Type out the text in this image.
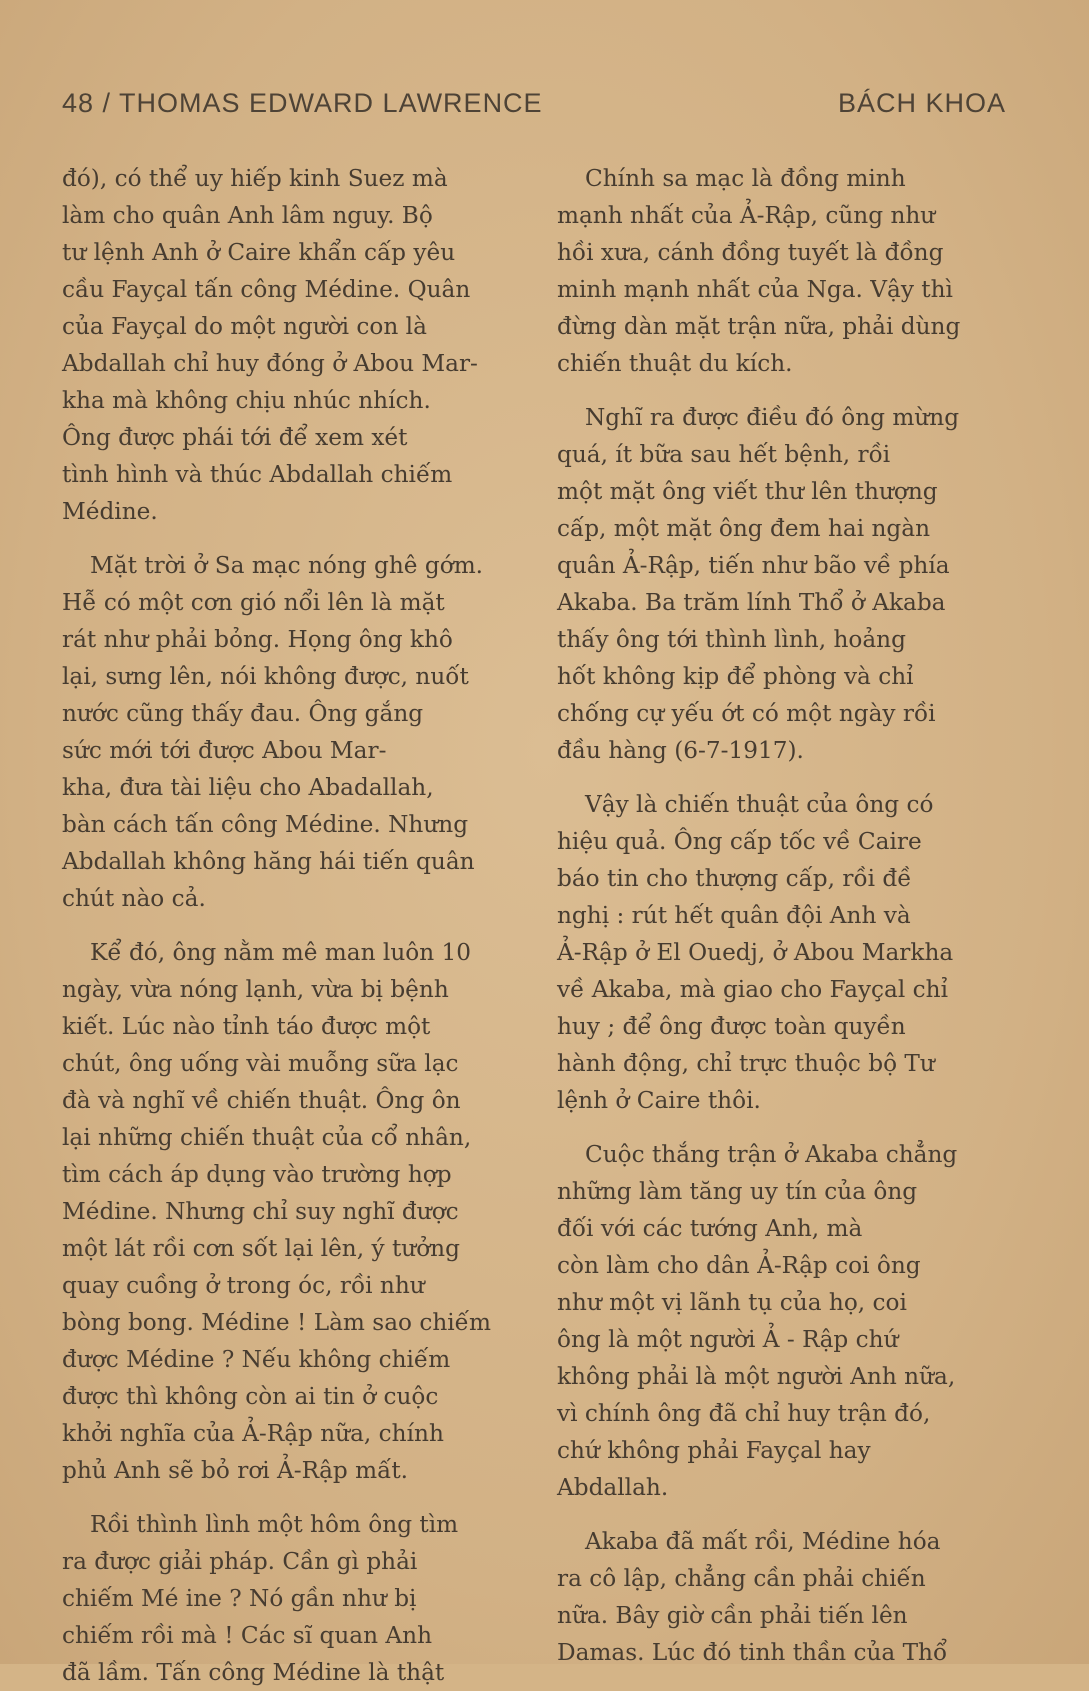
48 / THOMAS EDWARD LAWRENCE	BÁCH KHOA
đó), có thể uy hiếp kinh Suez mà
làm cho quân Anh lâm nguy. Bộ
tư lệnh Anh ở Caire khẩn cấp yêu
cầu Fayçal tấn công Médine. Quân
của Fayçal do một người con là
Abdallah chỉ huy đóng ở Abou Mar-
kha mà không chịu nhúc nhích.
Ông được phái tới để xem xét
tình hình và thúc Abdallah chiếm
Médine.
Mặt trời ở Sa mạc nóng ghê gớm.
Hễ có một cơn gió nổi lên là mặt
rát như phải bỏng. Họng ông khô
lại, sưng lên, nói không được, nuốt
nước cũng thấy đau. Ông gắng
sức mới tới được Abou Mar-
kha, đưa tài liệu cho Abadallah,
bàn cách tấn công Médine. Nhưng
Abdallah không hăng hái tiến quân
chút nào cả.
Kể đó, ông nằm mê man luôn 10
ngày, vừa nóng lạnh, vừa bị bệnh
kiết. Lúc nào tỉnh táo được một
chút, ông uống vài muỗng sữa lạc
đà và nghĩ về chiến thuật. Ông ôn
lại những chiến thuật của cổ nhân,
tìm cách áp dụng vào trường hợp
Médine. Nhưng chỉ suy nghĩ được
một lát rồi cơn sốt lại lên, ý tưởng
quay cuồng ở trong óc, rồi như
bòng bong. Médine ! Làm sao chiếm
được Médine ? Nếu không chiếm
được thì không còn ai tin ở cuộc
khởi nghĩa của Ả-Rập nữa, chính
phủ Anh sẽ bỏ rơi Ả-Rập mất.
Rồi thình lình một hôm ông tìm
ra được giải pháp. Cần gì phải
chiếm Mé ine ? Nó gần như bị
chiếm rồi mà ! Các sĩ quan Anh
đã lầm. Tấn công Médine là thật
Chính sa mạc là đồng minh
mạnh nhất của Ả-Rập, cũng như
hồi xưa, cánh đồng tuyết là đồng
minh mạnh nhất của Nga. Vậy thì
đừng dàn mặt trận nữa, phải dùng
chiến thuật du kích.
Nghĩ ra được điều đó ông mừng
quá, ít bữa sau hết bệnh, rồi
một mặt ông viết thư lên thượng
cấp, một mặt ông đem hai ngàn
quân Ả-Rập, tiến như bão về phía
Akaba. Ba trăm lính Thổ ở Akaba
thấy ông tới thình lình, hoảng
hốt không kịp để phòng và chỉ
chống cự yếu ớt có một ngày rồi
đầu hàng (6-7-1917).
Vậy là chiến thuật của ông có
hiệu quả. Ông cấp tốc về Caire
báo tin cho thượng cấp, rồi đề
nghị : rút hết quân đội Anh và
Ả-Rập ở El Ouedj, ở Abou Markha
về Akaba, mà giao cho Fayçal chỉ
huy ; để ông được toàn quyền
hành động, chỉ trực thuộc bộ Tư
lệnh ở Caire thôi.
Cuộc thắng trận ở Akaba chẳng
những làm tăng uy tín của ông
đối với các tướng Anh, mà
còn làm cho dân Ả-Rập coi ông
như một vị lãnh tụ của họ, coi
ông là một người Ả - Rập chứ
không phải là một người Anh nữa,
vì chính ông đã chỉ huy trận đó,
chứ không phải Fayçal hay
Abdallah.
Akaba đã mất rồi, Médine hóa
ra cô lập, chẳng cần phải chiến
nữa. Bây giờ cần phải tiến lên
Damas. Lúc đó tinh thần của Thổ
